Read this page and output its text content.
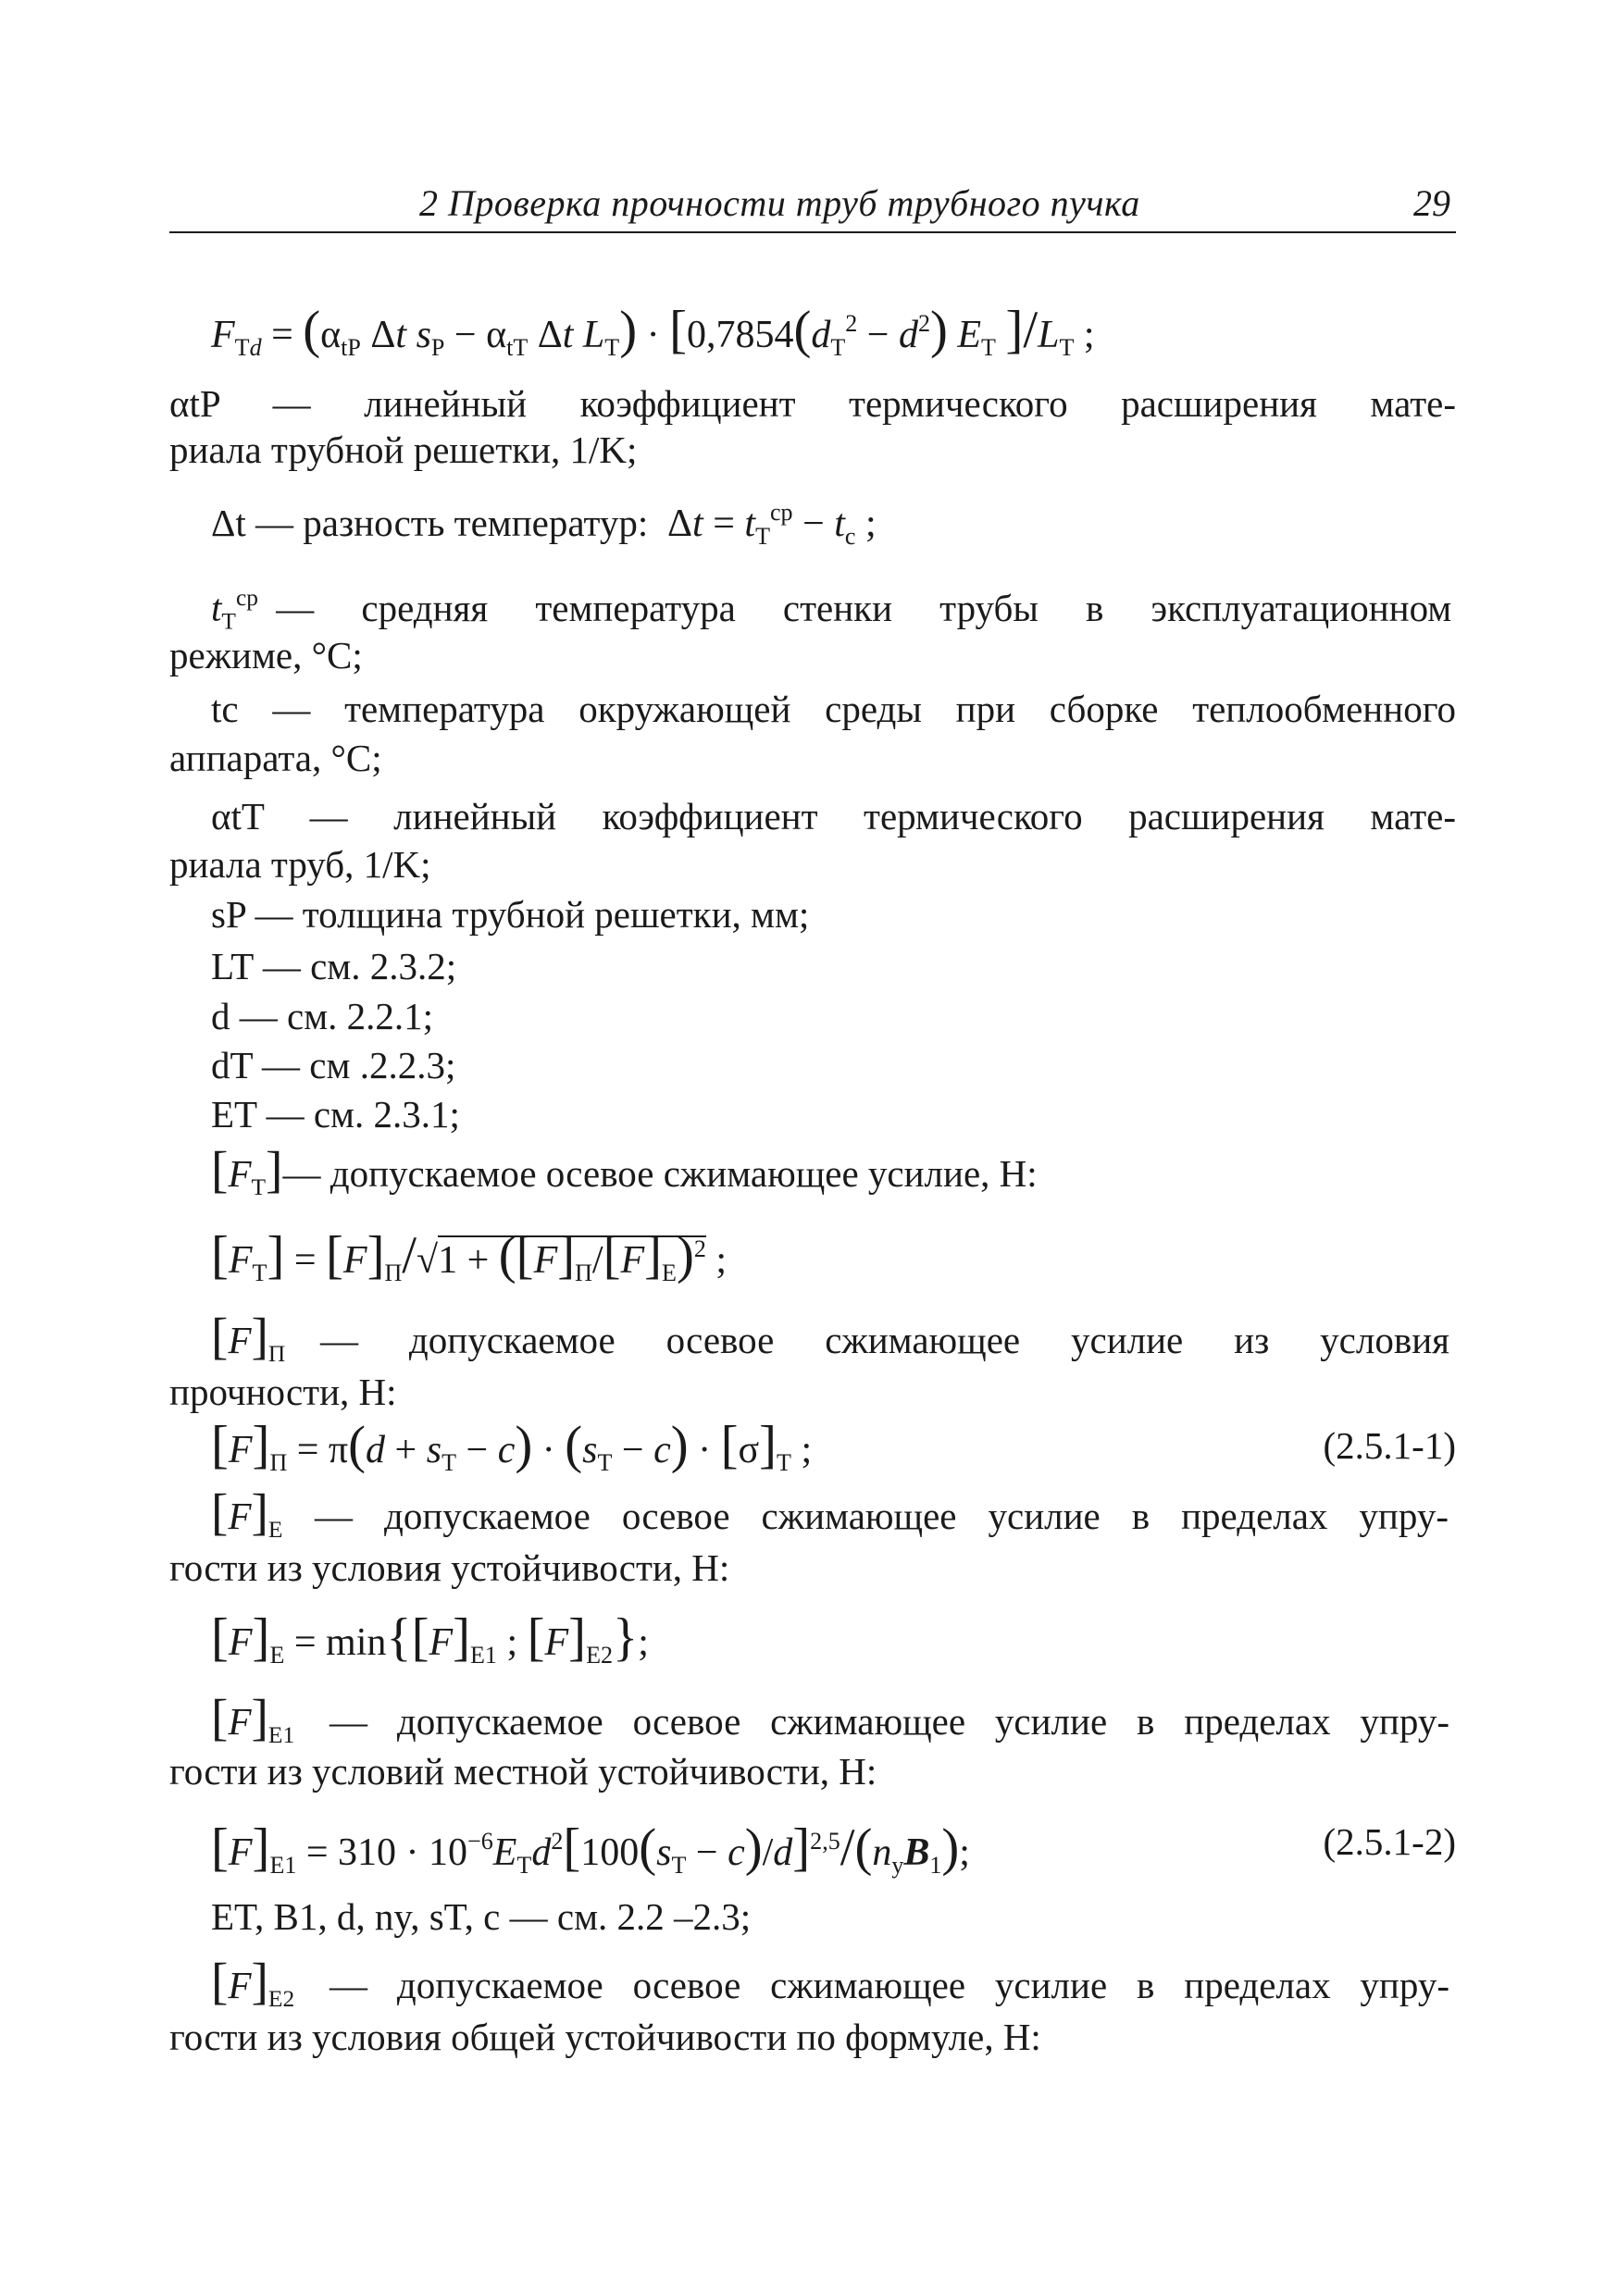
2 Проверка прочности труб трубного пучка	29
$F_{Td} = (\alpha_{tP}$ Δt $s_P - \alpha_{tT}$ Δt $L_T) \cdot [0,7854(d_T^2 - d^2)$ $E_T$ ]$/L_T$ ;
αtP — линейный коэффициент термического расширения мате-
риала трубной решетки, 1/K;
Δt — разность температур:  $\Delta t = t_T^{ср} - t_c$ ;
$t_T^{ср}$ — средняя температура стенки трубы в эксплуатационном
режиме, °C;
tc — температура окружающей среды при сборке теплообменного
аппарата, °C;
αtT — линейный коэффициент термического расширения мате-
риала труб, 1/K;
sP — толщина трубной решетки, мм;
LT — см. 2.3.2;
d — см. 2.2.1;
dT — см .2.2.3;
ET — см. 2.3.1;
$[F_T]—$ допускаемое осевое сжимающее усилие, Н:
$[F_T] = [F]_П/√1 + ([F]_П/[F]_E)^2$ ;
$[F]_П$ — допускаемое осевое сжимающее усилие из условия
прочности, Н:
$[F]_П = \pi(d + s_T - c) \cdot (s_T - c) \cdot [\sigma]_T$ ;	(2.5.1-1)
$[F]_E$ — допускаемое осевое сжимающее усилие в пределах упру-
гости из условия устойчивости, Н:
$[F]_E = \min\{[F]_{E1}$ ; $[F]_{E2}$};
$[F]_{E1}$ — допускаемое осевое сжимающее усилие в пределах упру-
гости из условий местной устойчивости, Н:
$[F]_{E1} = 310 \cdot 10^{-6}E_Td^2[100(s_T - c)/d]^{2,5}/(n_yB_1)$;	(2.5.1-2)
ET, B1, d, ny, sT, c — см. 2.2 –2.3;
$[F]_{E2}$ — допускаемое осевое сжимающее усилие в пределах упру-
гости из условия общей устойчивости по формуле, Н:
